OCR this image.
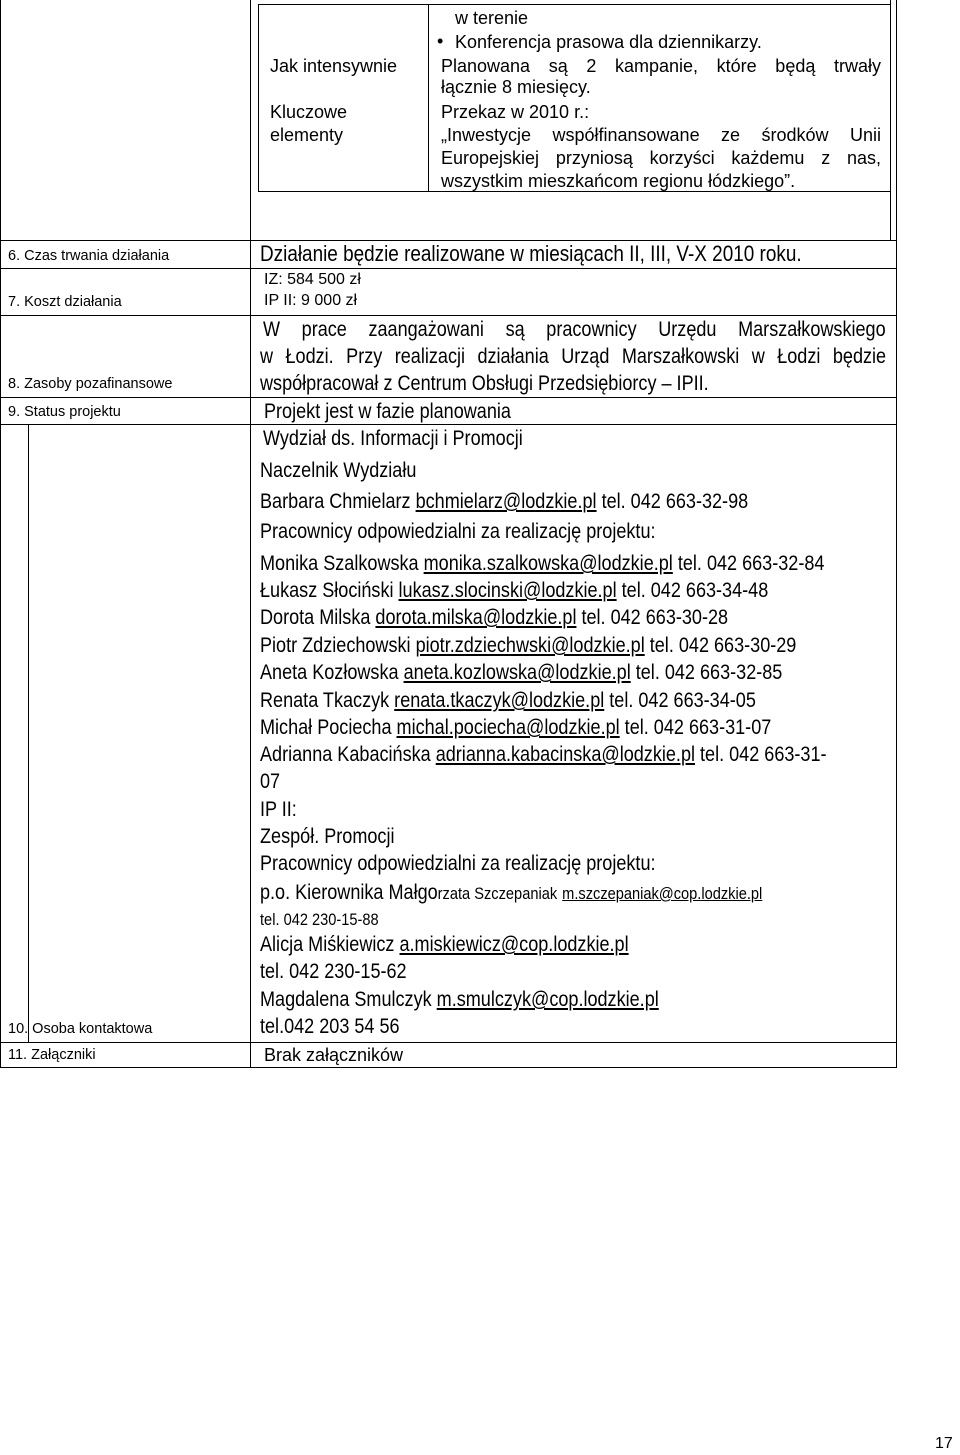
w terenie
• Konferencja prasowa dla dziennikarzy.
Jak intensywnie Planowana są 2 kampanie, które będą trwały
łącznie 8 miesięcy.
Kluczowe
elementy
Przekaz w 2010 r.:
„Inwestycje współfinansowane ze środków Unii
Europejskiej przyniosą korzyści każdemu z nas,
wszystkim mieszkańcom regionu łódzkiego”.
6. Czas trwania działania
7. Koszt działania
8. Zasoby pozafinansowe
9. Status projektu
10. Osoba kontaktowa
11. Załączniki
Działanie będzie realizowane w miesiącach II, III, V-X 2010 roku.
IZ: 584 500 zł
IP II: 9 000 zł
W prace zaangażowani są pracownicy Urzędu Marszałkowskiego
w Łodzi. Przy realizacji działania Urząd Marszałkowski w Łodzi będzie
współpracował z Centrum Obsługi Przedsiębiorcy – IPII.
Projekt jest w fazie planowania
Wydział ds. Informacji i Promocji
Naczelnik Wydziału
Barbara Chmielarz bchmielarz@lodzkie.pl tel. 042 663-32-98
Pracownicy odpowiedzialni za realizację projektu:
Monika Szalkowska monika.szalkowska@lodzkie.pl tel. 042 663-32-84
Łukasz Słociński lukasz.slocinski@lodzkie.pl tel. 042 663-34-48
Dorota Milska dorota.milska@lodzkie.pl tel. 042 663-30-28
Piotr Zdziechowski piotr.zdziechwski@lodzkie.pl tel. 042 663-30-29
Aneta Kozłowska aneta.kozlowska@lodzkie.pl tel. 042 663-32-85
Renata Tkaczyk renata.tkaczyk@lodzkie.pl tel. 042 663-34-05
Michał Pociecha michal.pociecha@lodzkie.pl tel. 042 663-31-07
Adrianna Kabacińska adrianna.kabacinska@lodzkie.pl tel. 042 663-31-
07
IP II:
Zespół. Promocji
Pracownicy odpowiedzialni za realizację projektu:
p.o. Kierownika Małgorzata Szczepaniak m.szczepaniak@cop.lodzkie.pl
tel. 042 230-15-88
Alicja Miśkiewicz a.miskiewicz@cop.lodzkie.pl
tel. 042 230-15-62
Magdalena Smulczyk m.smulczyk@cop.lodzkie.pl
tel.042 203 54 56
Brak załączników
17
